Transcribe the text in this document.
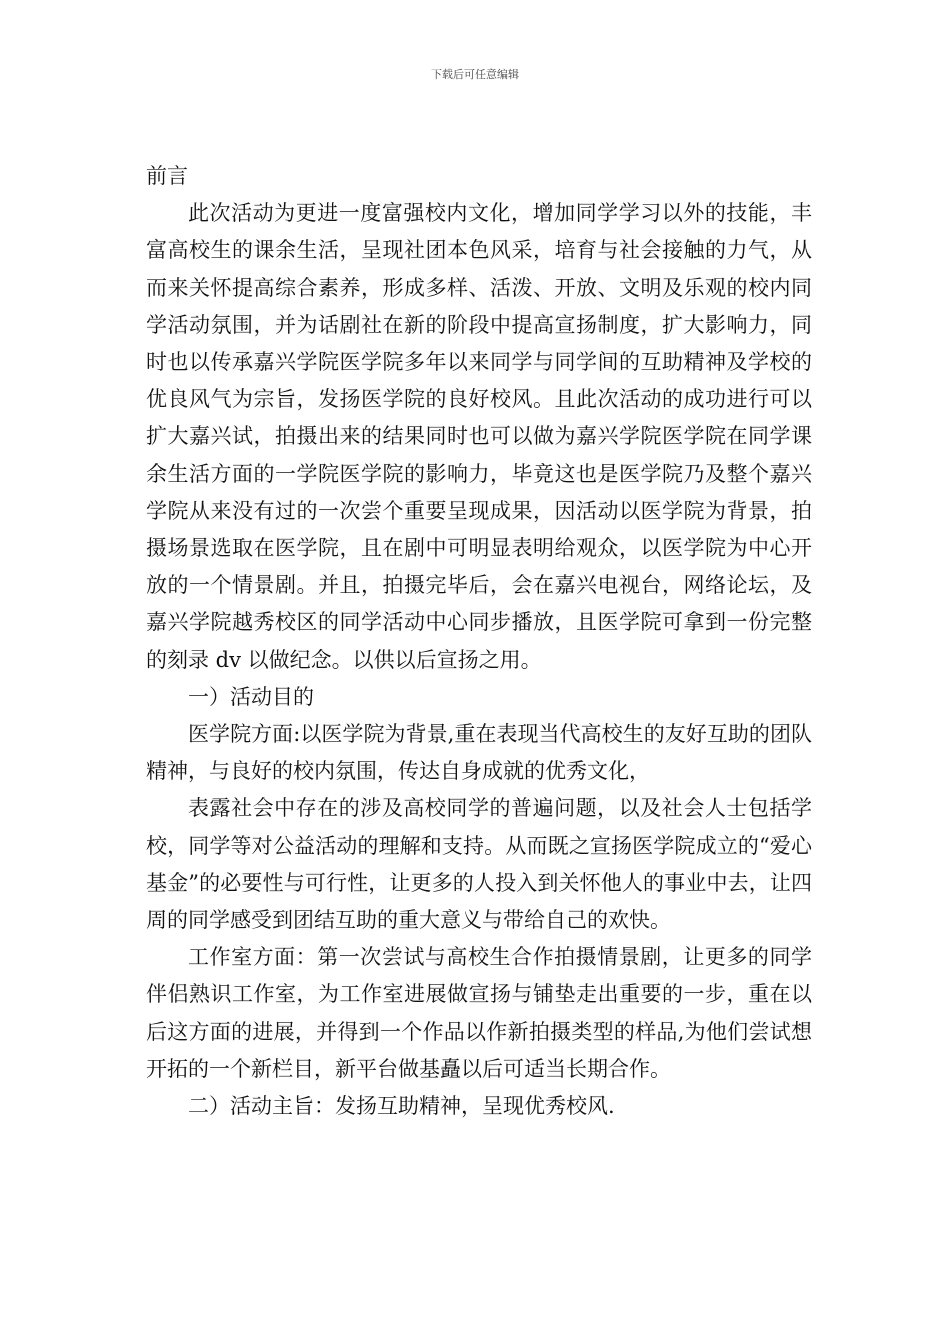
下载后可任意编辑

前言

此次活动为更进一度富强校内文化，增加同学学习以外的技能，丰富高校生的课余生活，呈现社团本色风采，培育与社会接触的力气，从而来关怀提高综合素养，形成多样、活泼、开放、文明及乐观的校内同学活动氛围，并为话剧社在新的阶段中提高宣扬制度，扩大影响力，同时也以传承嘉兴学院医学院多年以来同学与同学间的互助精神及学校的优良风气为宗旨，发扬医学院的良好校风。且此次活动的成功进行可以扩大嘉兴试，拍摄出来的结果同时也可以做为嘉兴学院医学院在同学课余生活方面的一学院医学院的影响力，毕竟这也是医学院乃及整个嘉兴学院从来没有过的一次尝个重要呈现成果，因活动以医学院为背景，拍摄场景选取在医学院，且在剧中可明显表明给观众，以医学院为中心开放的一个情景剧。并且，拍摄完毕后，会在嘉兴电视台，网络论坛，及嘉兴学院越秀校区的同学活动中心同步播放，且医学院可拿到一份完整的刻录 dv 以做纪念。以供以后宣扬之用。

一）活动目的

医学院方面:以医学院为背景,重在表现当代高校生的友好互助的团队精神，与良好的校内氛围，传达自身成就的优秀文化，

表露社会中存在的涉及高校同学的普遍问题，以及社会人士包括学校，同学等对公益活动的理解和支持。从而既之宣扬医学院成立的“爱心基金”的必要性与可行性，让更多的人投入到关怀他人的事业中去，让四周的同学感受到团结互助的重大意义与带给自己的欢快。

工作室方面：第一次尝试与高校生合作拍摄情景剧，让更多的同学伴侣熟识工作室，为工作室进展做宣扬与铺垫走出重要的一步，重在以后这方面的进展，并得到一个作品以作新拍摄类型的样品,为他们尝试想开拓的一个新栏目，新平台做基矗以后可适当长期合作。

二）活动主旨：发扬互助精神，呈现优秀校风.
